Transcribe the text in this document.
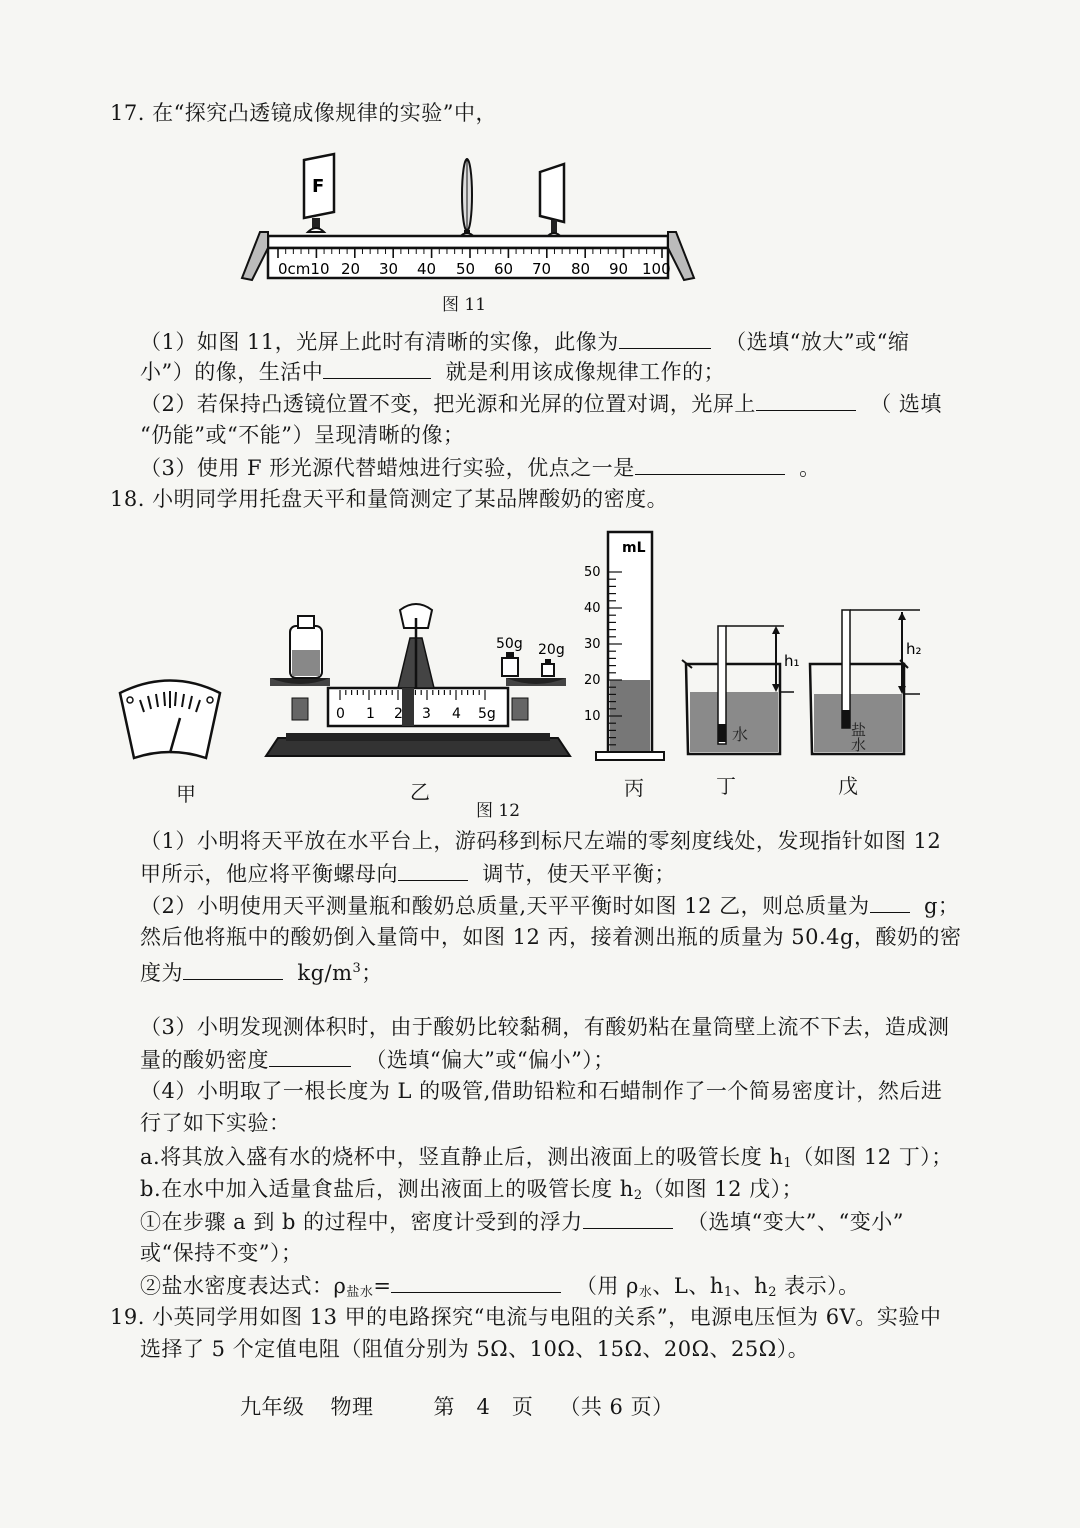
17. 在“探究凸透镜成像规律的实验”中，
0cm10 20 30 40 50 60 70 80 90 100
F
图 11
（1）如图 11，光屏上此时有清晰的实像，此像为	（选填“放大”或“缩
小”）的像，生活中	就是利用该成像规律工作的；
（2）若保持凸透镜位置不变，把光源和光屏的位置对调，光屏上	（ 选填
“仍能”或“不能”）呈现清晰的像；
（3）使用 F 形光源代替蜡烛进行实验，优点之一是	。
18. 小明同学用托盘天平和量筒测定了某品牌酸奶的密度。
50g 20g
0 1 2 3 4 5g
mL
50
40
30
20
10
h₁
水
h₂
盐水
甲	乙	丙	丁	戊
图 12
（1）小明将天平放在水平台上，游码移到标尺左端的零刻度线处，发现指针如图 12
甲所示，他应将平衡螺母向	调节，使天平平衡；
（2）小明使用天平测量瓶和酸奶总质量,天平平衡时如图 12 乙，则总质量为	g；
然后他将瓶中的酸奶倒入量筒中，如图 12 丙，接着测出瓶的质量为 50.4g，酸奶的密
度为	$kg/m^3$；
（3）小明发现测体积时，由于酸奶比较黏稠，有酸奶粘在量筒壁上流不下去，造成测
量的酸奶密度	（选填“偏大”或“偏小”）；
（4）小明取了一根长度为 L 的吸管,借助铅粒和石蜡制作了一个简易密度计，然后进
行了如下实验：
a.将其放入盛有水的烧杯中，竖直静止后，测出液面上的吸管长度 $h_1$（如图 12 丁）；
b.在水中加入适量食盐后，测出液面上的吸管长度 $h_2$（如图 12 戊）；
①在步骤 a 到 b 的过程中，密度计受到的浮力	（选填“变大”、“变小”
或“保持不变”）；
②盐水密度表达式：$\rho_{盐水}=$	（用 $\rho_水$、L、$h_1$、$h_2$ 表示）。
19. 小英同学用如图 13 甲的电路探究“电流与电阻的关系”，电源电压恒为 6V。实验中
选择了 5 个定值电阻（阻值分别为 5Ω、10Ω、15Ω、20Ω、25Ω）。
九年级 物理	第　4　页 （共 6 页）
